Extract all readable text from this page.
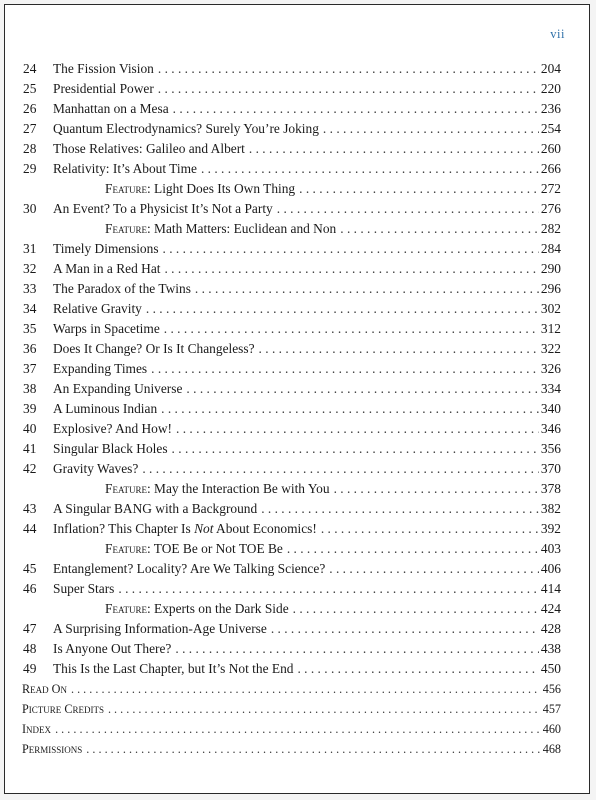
vii
24	The Fission Vision . . .	204
25	Presidential Power . . .	220
26	Manhattan on a Mesa . . .	236
27	Quantum Electrodynamics? Surely You’re Joking . . .	254
28	Those Relatives: Galileo and Albert . . .	260
29	Relativity: It’s About Time . . .	266
Feature: Light Does Its Own Thing . . .	272
30	An Event? To a Physicist It’s Not a Party . . .	276
Feature: Math Matters: Euclidean and Non . . .	282
31	Timely Dimensions . . .	284
32	A Man in a Red Hat . . .	290
33	The Paradox of the Twins . . .	296
34	Relative Gravity . . .	302
35	Warps in Spacetime . . .	312
36	Does It Change? Or Is It Changeless? . . .	322
37	Expanding Times . . .	326
38	An Expanding Universe . . .	334
39	A Luminous Indian . . .	340
40	Explosive? And How! . . .	346
41	Singular Black Holes . . .	356
42	Gravity Waves? . . .	370
Feature: May the Interaction Be with You . . .	378
43	A Singular BANG with a Background . . .	382
44	Inflation? This Chapter Is Not About Economics! . . .	392
Feature: TOE Be or Not TOE Be . . .	403
45	Entanglement? Locality? Are We Talking Science? . . .	406
46	Super Stars . . .	414
Feature: Experts on the Dark Side . . .	424
47	A Surprising Information-Age Universe . . .	428
48	Is Anyone Out There? . . .	438
49	This Is the Last Chapter, but It’s Not the End . . .	450
Read On . . .	456
Picture Credits . . .	457
Index . . .	460
Permissions . . .	468
